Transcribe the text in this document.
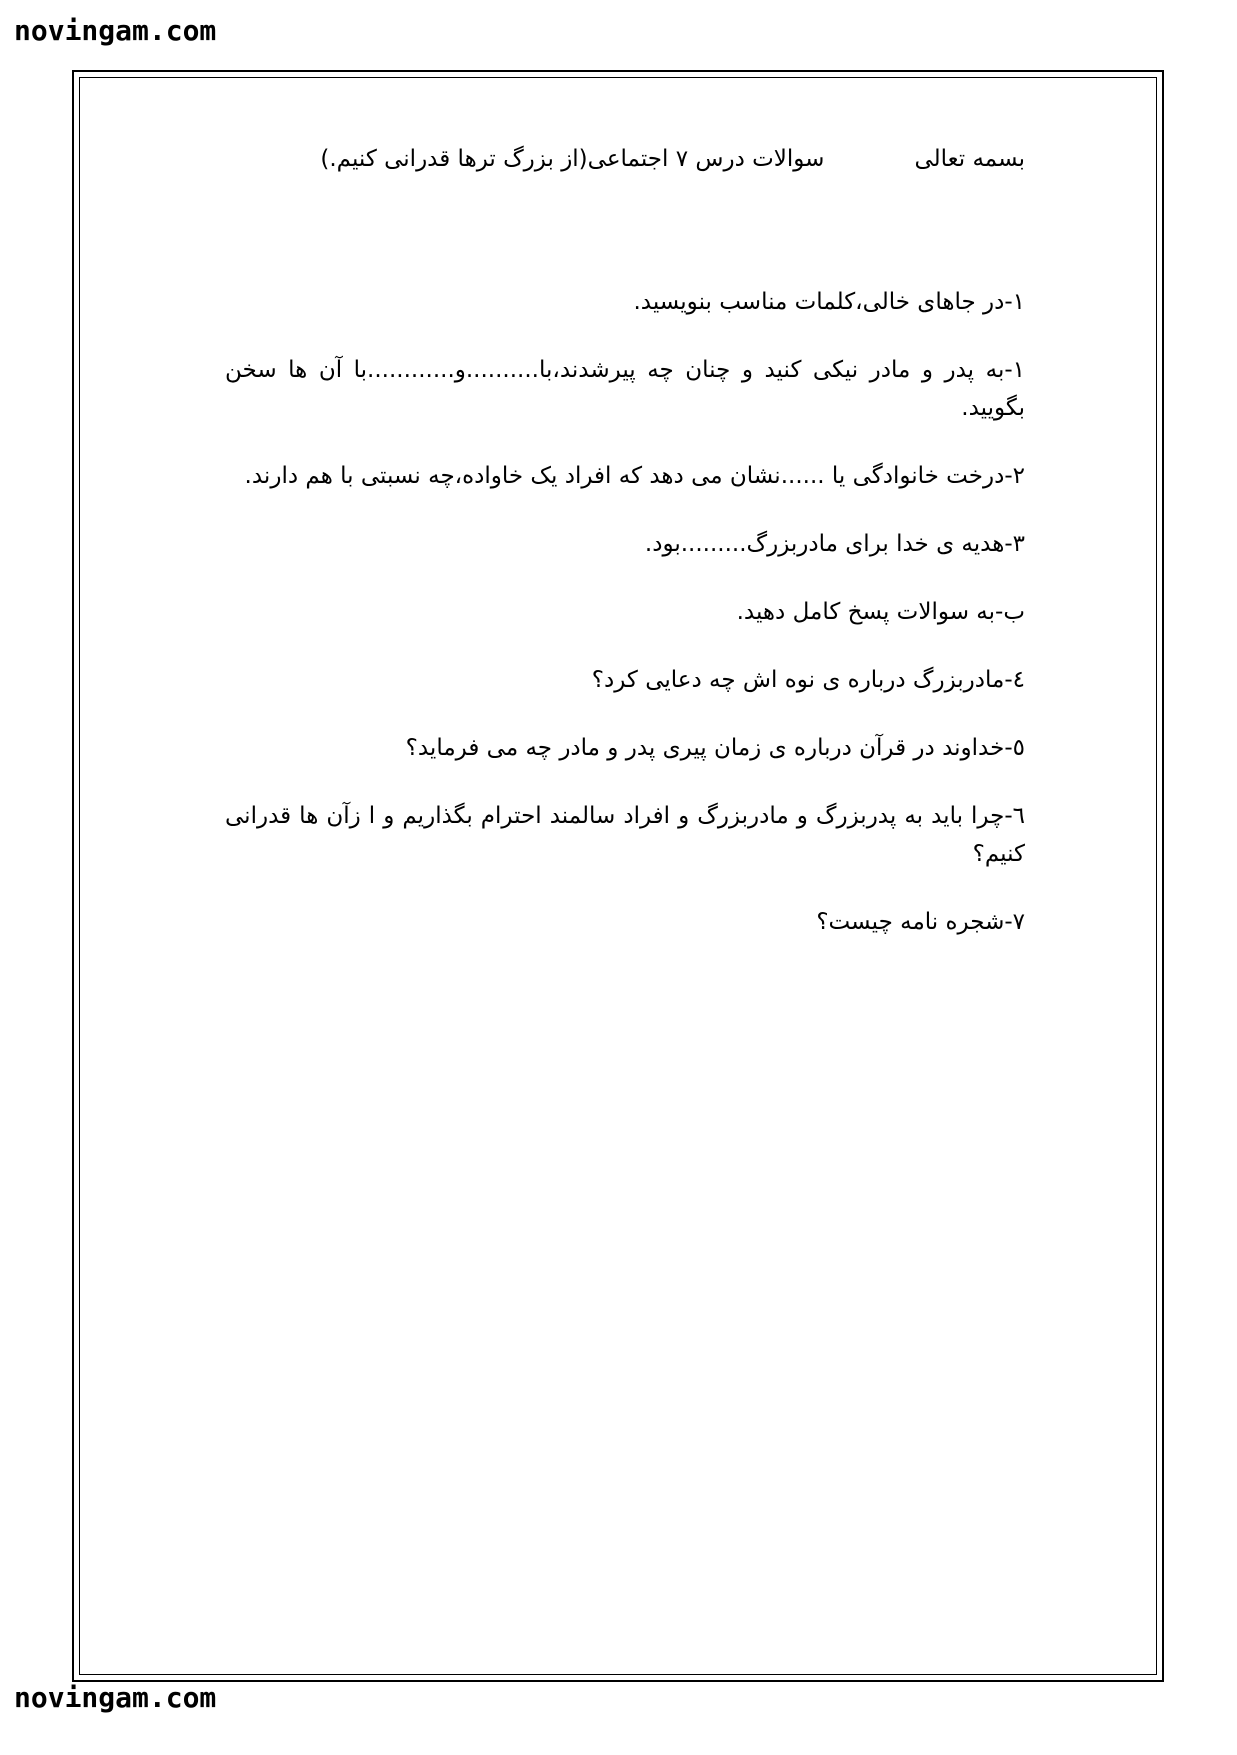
novingam.com
بسمه تعالی
سوالات درس ۷ اجتماعی(از بزرگ ترها قدرانی کنیم.)

۱-در جاهای خالی،کلمات مناسب بنویسید.

۱-به پدر و مادر نیکی کنید و چنان چه پیرشدند،با..........و............با آن ها سخن بگویید.

۲-درخت خانوادگی یا ......نشان می دهد که افراد یک خاواده،چه نسبتی با هم دارند.

۳-هدیه ی خدا برای مادربزرگ.........بود.

ب-به سوالات پسخ کامل دهید.

٤-مادربزرگ درباره ی نوه اش چه دعایی کرد؟

٥-خداوند در قرآن درباره ی زمان پیری پدر و مادر چه می فرماید؟

٦-چرا باید به پدربزرگ و مادربزرگ و افراد سالمند احترام بگذاریم و ا زآن ها قدرانی کنیم؟

۷-شجره نامه چیست؟

novingam.com
